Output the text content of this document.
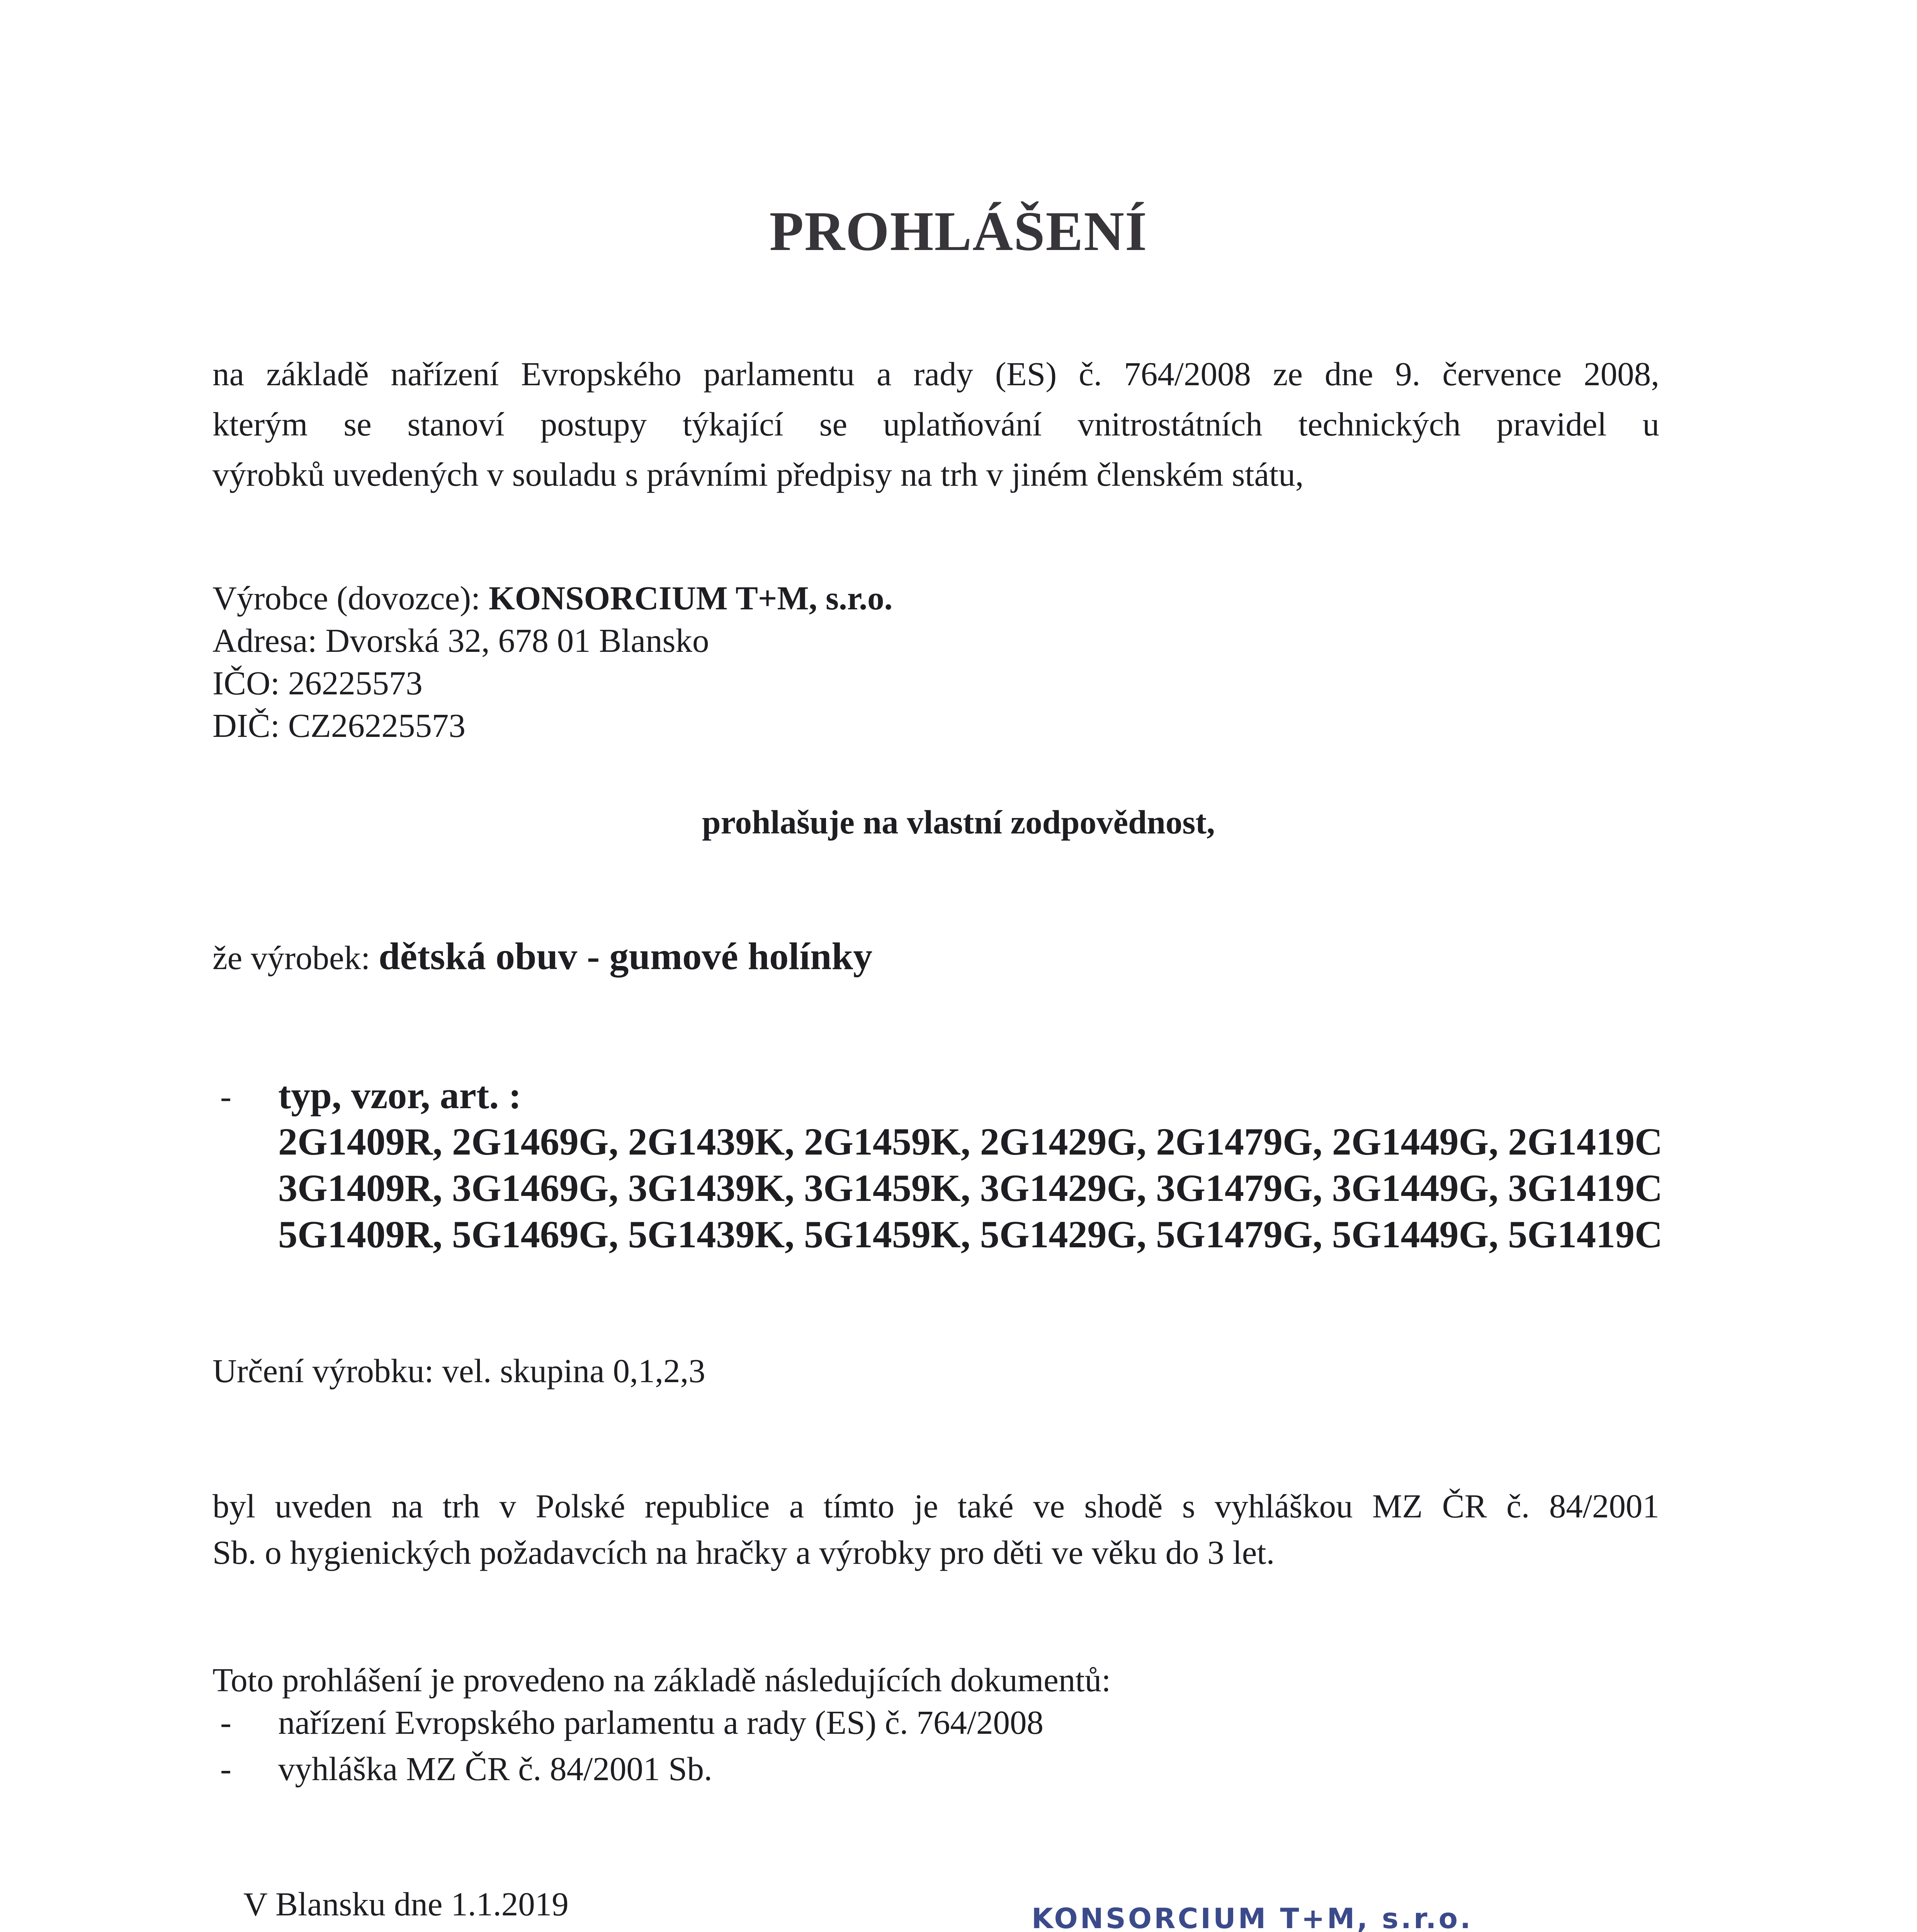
PROHLÁŠENÍ
na základě nařízení Evropského parlamentu a rady (ES) č. 764/2008 ze dne 9. července 2008,
kterým se stanoví postupy týkající se uplatňování vnitrostátních technických pravidel u
výrobků uvedených v souladu s právními předpisy na trh v jiném členském státu,
Výrobce (dovozce): KONSORCIUM T+M, s.r.o.
Adresa: Dvorská 32, 678 01 Blansko
IČO: 26225573
DIČ: CZ26225573
prohlašuje na vlastní zodpovědnost,
že výrobek: dětská obuv - gumové holínky
- typ, vzor, art. :
2G1409R, 2G1469G, 2G1439K, 2G1459K, 2G1429G, 2G1479G, 2G1449G, 2G1419C
3G1409R, 3G1469G, 3G1439K, 3G1459K, 3G1429G, 3G1479G, 3G1449G, 3G1419C
5G1409R, 5G1469G, 5G1439K, 5G1459K, 5G1429G, 5G1479G, 5G1449G, 5G1419C
Určení výrobku: vel. skupina 0,1,2,3
byl uveden na trh v Polské republice a tímto je také ve shodě s vyhláškou MZ ČR č. 84/2001
Sb. o hygienických požadavcích na hračky a výrobky pro děti ve věku do 3 let.
Toto prohlášení je provedeno na základě následujících dokumentů:
- nařízení Evropského parlamentu a rady (ES) č. 764/2008
- vyhláška MZ ČR č. 84/2001 Sb.
V Blansku dne 1.1.2019	KONSORCIUM T+M, s.r.o.
